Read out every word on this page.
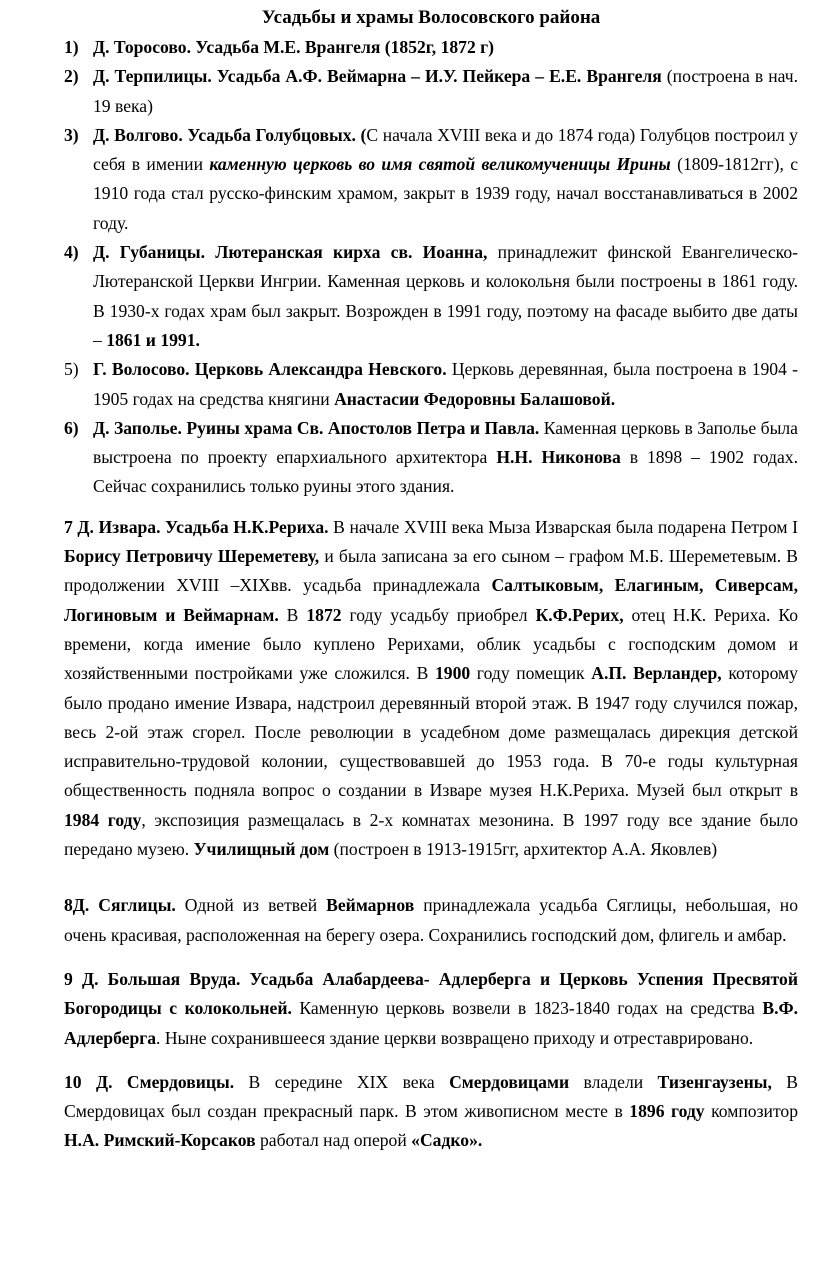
Усадьбы и храмы Волосовского района
1) Д. Торосово. Усадьба М.Е. Врангеля (1852г, 1872 г)
2) Д. Терпилицы. Усадьба А.Ф. Веймарна – И.У. Пейкера – Е.Е. Врангеля (построена в нач. 19 века)
3) Д. Волгово. Усадьба Голубцовых. (С начала XVIII века и до 1874 года) Голубцов построил у себя в имении каменную церковь во имя святой великомученицы Ирины (1809-1812гг), с 1910 года стал русско-финским храмом, закрыт в 1939 году, начал восстанавливаться в 2002 году.
4) Д. Губаницы. Лютеранская кирха св. Иоанна, принадлежит финской Евангелическо-Лютеранской Церкви Ингрии. Каменная церковь и колокольня были построены в 1861 году. В 1930-х годах храм был закрыт. Возрожден в 1991 году, поэтому на фасаде выбито две даты – 1861 и 1991.
5) Г. Волосово. Церковь Александра Невского. Церковь деревянная, была построена в 1904 - 1905 годах на средства княгини Анастасии Федоровны Балашовой.
6) Д. Заполье. Руины храма Св. Апостолов Петра и Павла. Каменная церковь в Заполье была выстроена по проекту епархиального архитектора Н.Н. Никонова в 1898 – 1902 годах. Сейчас сохранились только руины этого здания.

7 Д. Извара. Усадьба Н.К.Рериха. В начале XVIII века Мыза Изварская была подарена Петром I Борису Петровичу Шереметеву, и была записана за его сыном – графом М.Б. Шереметевым. В продолжении XVIII –XIXвв. усадьба принадлежала Салтыковым, Елагиным, Сиверсам, Логиновым и Веймарнам. В 1872 году усадьбу приобрел К.Ф.Рерих, отец Н.К. Рериха. Ко времени, когда имение было куплено Рерихами, облик усадьбы с господским домом и хозяйственными постройками уже сложился. В 1900 году помещик А.П. Верландер, которому было продано имение Извара, надстроил деревянный второй этаж. В 1947 году случился пожар, весь 2-ой этаж сгорел. После революции в усадебном доме размещалась дирекция детской исправительно-трудовой колонии, существовавшей до 1953 года. В 70-е годы культурная общественность подняла вопрос о создании в Изваре музея Н.К.Рериха. Музей был открыт в 1984 году, экспозиция размещалась в 2-х комнатах мезонина. В 1997 году все здание было передано музею. Училищный дом (построен в 1913-1915гг, архитектор А.А. Яковлев)

8Д. Сяглицы. Одной из ветвей Веймарнов принадлежала усадьба Сяглицы, небольшая, но очень красивая, расположенная на берегу озера. Сохранились господский дом, флигель и амбар.

9 Д. Большая Вруда. Усадьба Алабардеева- Адлерберга и Церковь Успения Пресвятой Богородицы с колокольней. Каменную церковь возвели в 1823-1840 годах на средства В.Ф. Адлерберга. Ныне сохранившееся здание церкви возвращено приходу и отреставрировано.

10 Д. Смердовицы. В середине XIX века Смердовицами владели Тизенгаузены, В Смердовицах был создан прекрасный парк. В этом живописном месте в 1896 году композитор Н.А. Римский-Корсаков работал над оперой «Садко».
